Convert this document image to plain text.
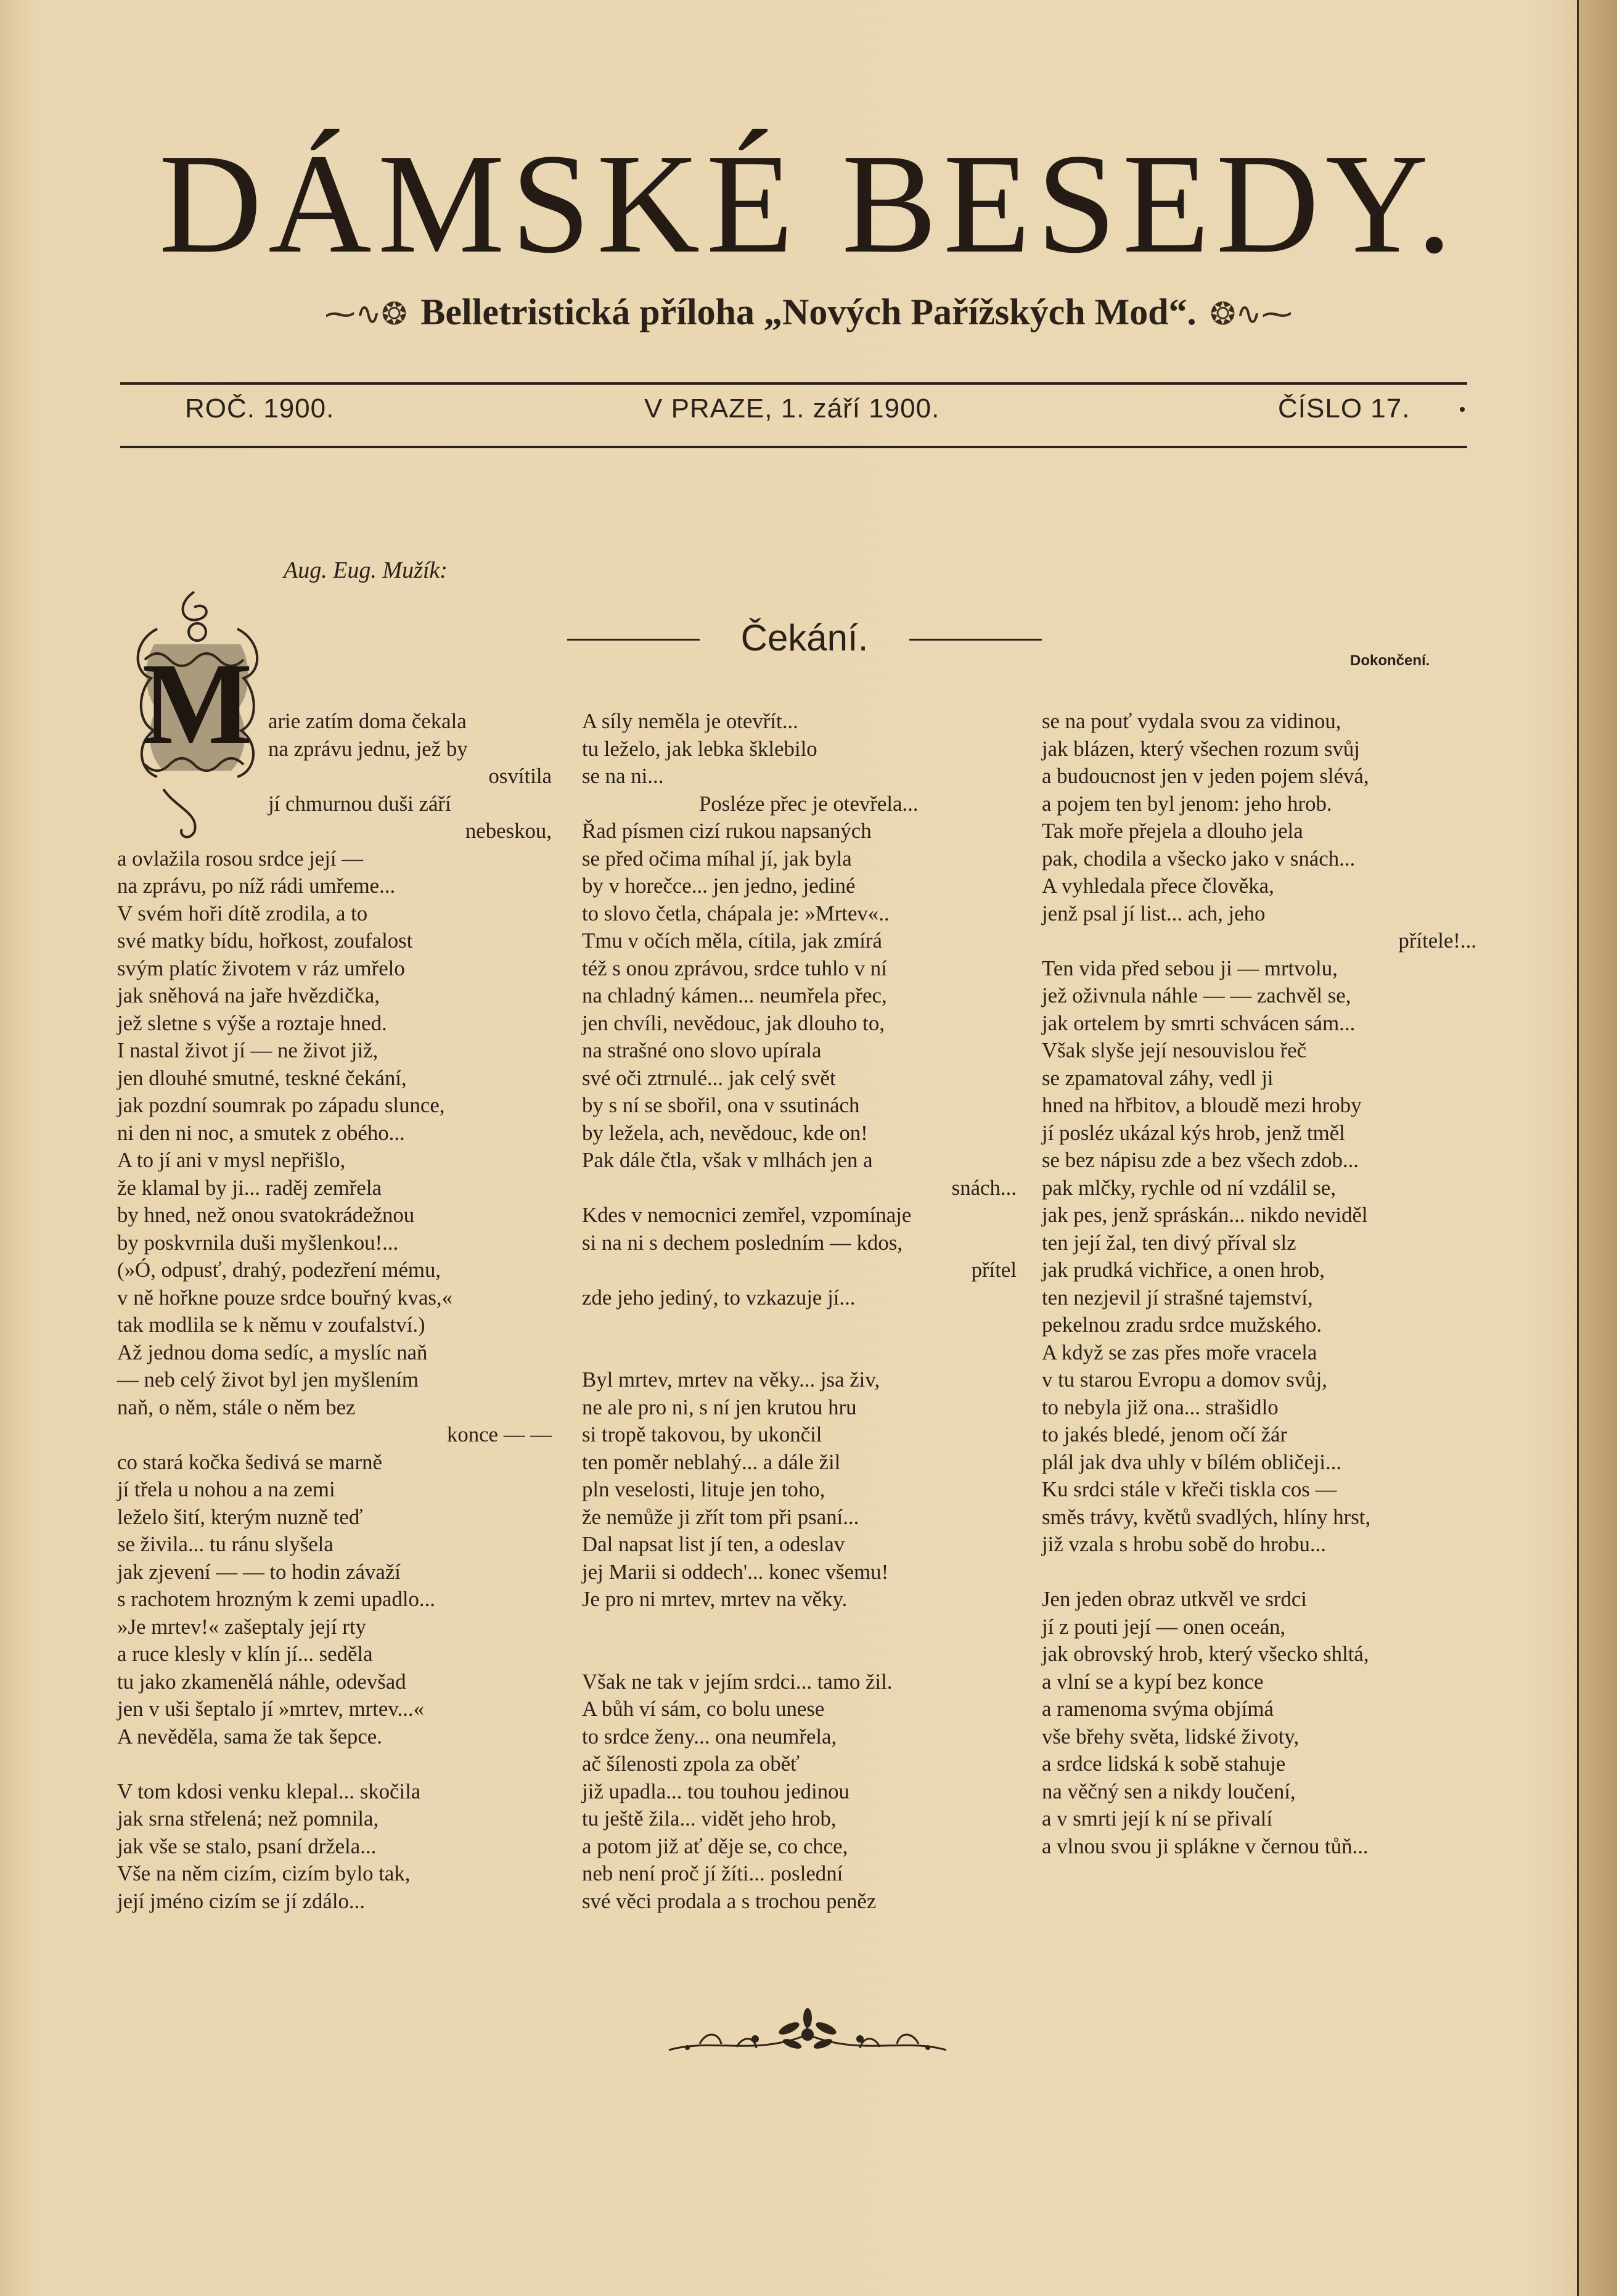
DÁMSKÉ BESEDY.
⁓∿❂ Belletristická příloha „Nových Pařížských Mod“. ❂∿⁓
ROČ. 1900.	V PRAZE, 1. září 1900.	ČÍSLO 17.
Aug. Eug. Mužík:
Čekání.
Dokončení.
M arie zatím doma čekala
na zprávu jednu, jež by
osvítila
jí chmurnou duši září
nebeskou,
a ovlažila rosou srdce její —
na zprávu, po níž rádi umřeme...
V svém hoři dítě zrodila, a to
své matky bídu, hořkost, zoufalost
svým platíc životem v ráz umřelo
jak sněhová na jaře hvězdička,
jež sletne s výše a roztaje hned.
I nastal život jí — ne život již,
jen dlouhé smutné, teskné čekání,
jak pozdní soumrak po západu slunce,
ni den ni noc, a smutek z obého...
A to jí ani v mysl nepřišlo,
že klamal by ji... raděj zemřela
by hned, než onou svatokrádežnou
by poskvrnila duši myšlenkou!...
(»Ó, odpusť, drahý, podezření mému,
v ně hořkne pouze srdce bouřný kvas,«
tak modlila se k němu v zoufalství.)
Až jednou doma sedíc, a myslíc naň
— neb celý život byl jen myšlením
naň, o něm, stále o něm bez
konce — —
co stará kočka šedivá se marně
jí třela u nohou a na zemi
leželo šití, kterým nuzně teď
se živila... tu ránu slyšela
jak zjevení — — to hodin závaží
s rachotem hrozným k zemi upadlo...
»Je mrtev!« zašeptaly její rty
a ruce klesly v klín jí... seděla
tu jako zkamenělá náhle, odevšad
jen v uši šeptalo jí »mrtev, mrtev...«
A nevěděla, sama že tak šepce.
V tom kdosi venku klepal... skočila
jak srna střelená; než pomnila,
jak vše se stalo, psaní držela...
Vše na něm cizím, cizím bylo tak,
její jméno cizím se jí zdálo...
A síly neměla je otevřít...
tu leželo, jak lebka šklebilo
se na ni...
Posléze přec je otevřela...
Řad písmen cizí rukou napsaných
se před očima míhal jí, jak byla
by v horečce... jen jedno, jediné
to slovo četla, chápala je: »Mrtev«..
Tmu v očích měla, cítila, jak zmírá
též s onou zprávou, srdce tuhlo v ní
na chladný kámen... neumřela přec,
jen chvíli, nevědouc, jak dlouho to,
na strašné ono slovo upírala
své oči ztrnulé... jak celý svět
by s ní se sbořil, ona v ssutinách
by ležela, ach, nevědouc, kde on!
Pak dále čtla, však v mlhách jen a
snách...
Kdes v nemocnici zemřel, vzpomínaje
si na ni s dechem posledním — kdos,
přítel
zde jeho jediný, to vzkazuje jí...
Byl mrtev, mrtev na věky... jsa živ,
ne ale pro ni, s ní jen krutou hru
si tropě takovou, by ukončil
ten poměr neblahý... a dále žil
pln veselosti, lituje jen toho,
že nemůže ji zřít tom při psaní...
Dal napsat list jí ten, a odeslav
jej Marii si oddech'... konec všemu!
Je pro ni mrtev, mrtev na věky.
Však ne tak v jejím srdci... tamo žil.
A bůh ví sám, co bolu unese
to srdce ženy... ona neumřela,
ač šílenosti zpola za oběť
již upadla... tou touhou jedinou
tu ještě žila... vidět jeho hrob,
a potom již ať děje se, co chce,
neb není proč jí žíti... poslední
své věci prodala a s trochou peněz
se na pouť vydala svou za vidinou,
jak blázen, který všechen rozum svůj
a budoucnost jen v jeden pojem slévá,
a pojem ten byl jenom: jeho hrob.
Tak moře přejela a dlouho jela
pak, chodila a všecko jako v snách...
A vyhledala přece člověka,
jenž psal jí list... ach, jeho
přítele!...
Ten vida před sebou ji — mrtvolu,
jež oživnula náhle — — zachvěl se,
jak ortelem by smrti schvácen sám...
Však slyše její nesouvislou řeč
se zpamatoval záhy, vedl ji
hned na hřbitov, a bloudě mezi hroby
jí posléz ukázal kýs hrob, jenž tměl
se bez nápisu zde a bez všech zdob...
pak mlčky, rychle od ní vzdálil se,
jak pes, jenž spráskán... nikdo neviděl
ten její žal, ten divý příval slz
jak prudká vichřice, a onen hrob,
ten nezjevil jí strašné tajemství,
pekelnou zradu srdce mužského.
A když se zas přes moře vracela
v tu starou Evropu a domov svůj,
to nebyla již ona... strašidlo
to jakés bledé, jenom očí žár
plál jak dva uhly v bílém obličeji...
Ku srdci stále v křeči tiskla cos —
směs trávy, květů svadlých, hlíny hrst,
již vzala s hrobu sobě do hrobu...
Jen jeden obraz utkvěl ve srdci
jí z pouti její — onen oceán,
jak obrovský hrob, který všecko shltá,
a vlní se a kypí bez konce
a ramenoma svýma objímá
vše břehy světa, lidské životy,
a srdce lidská k sobě stahuje
na věčný sen a nikdy loučení,
a v smrti její k ní se přivalí
a vlnou svou ji splákne v černou tůň...
